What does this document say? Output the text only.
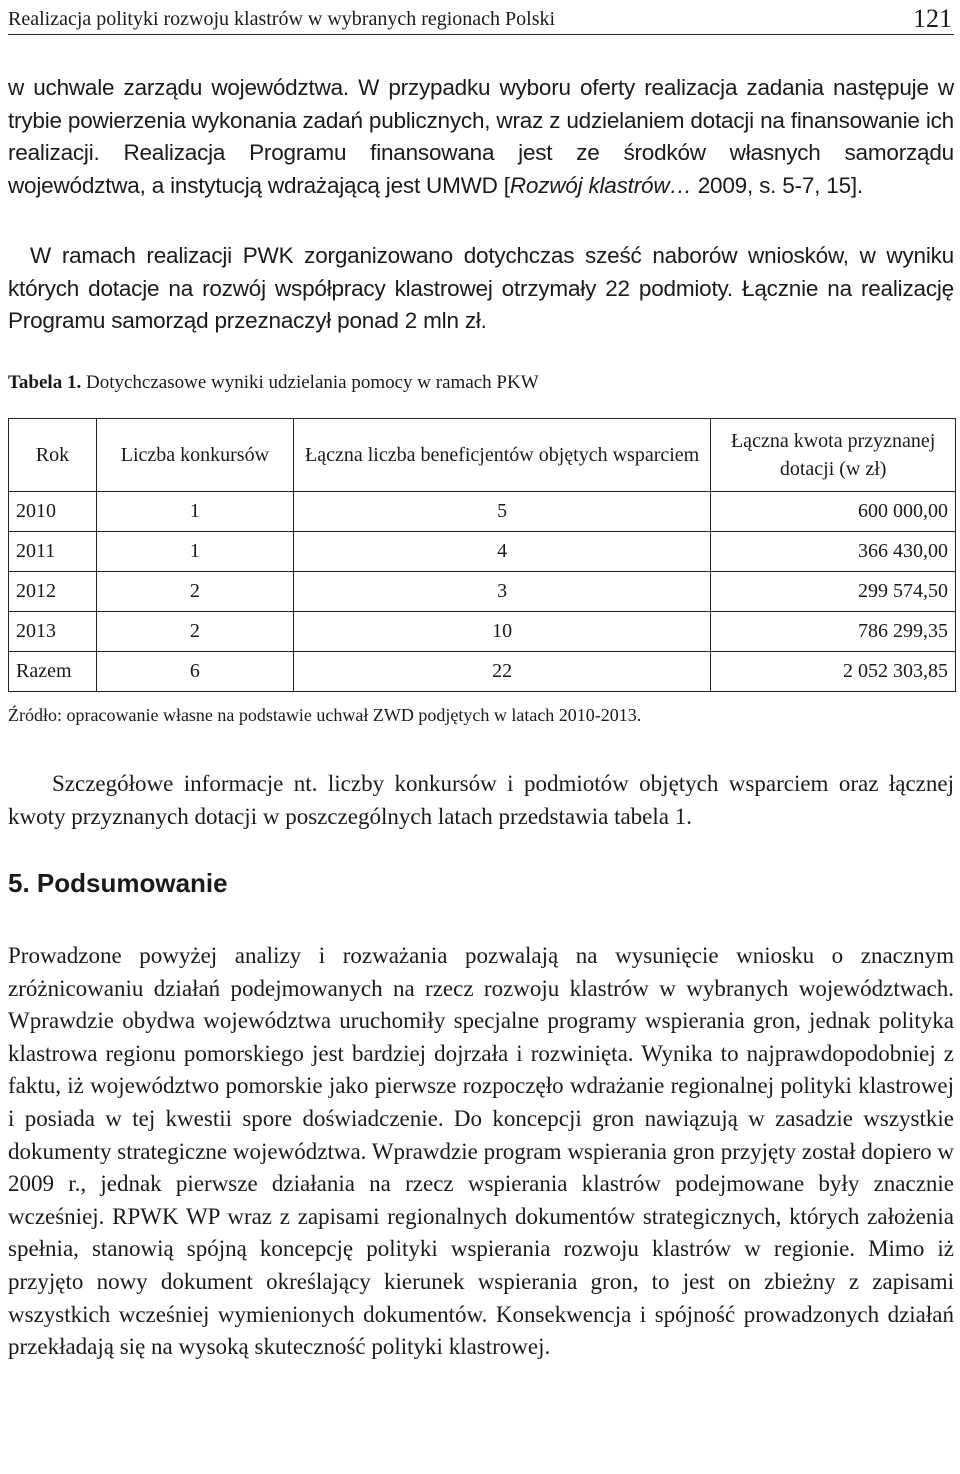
Realizacja polityki rozwoju klastrów w wybranych regionach Polski	121

w uchwale zarządu województwa. W przypadku wyboru oferty realizacja zadania następuje w trybie powierzenia wykonania zadań publicznych, wraz z udzielaniem dotacji na finansowanie ich realizacji. Realizacja Programu finansowana jest ze środków własnych samorządu województwa, a instytucją wdrażającą jest UMWD [Rozwój klastrów… 2009, s. 5-7, 15].

W ramach realizacji PWK zorganizowano dotychczas sześć naborów wniosków, w wyniku których dotacje na rozwój współpracy klastrowej otrzymały 22 podmioty. Łącznie na realizację Programu samorząd przeznaczył ponad 2 mln zł.

Tabela 1. Dotychczasowe wyniki udzielania pomocy w ramach PKW

Rok	Liczba konkursów	Łączna liczba beneficjentów objętych wsparciem	Łączna kwota przyznanej dotacji (w zł)
2010	1	5	600 000,00
2011	1	4	366 430,00
2012	2	3	299 574,50
2013	2	10	786 299,35
Razem	6	22	2 052 303,85

Źródło: opracowanie własne na podstawie uchwał ZWD podjętych w latach 2010-2013.

Szczegółowe informacje nt. liczby konkursów i podmiotów objętych wsparciem oraz łącznej kwoty przyznanych dotacji w poszczególnych latach przedstawia tabela 1.

5. Podsumowanie

Prowadzone powyżej analizy i rozważania pozwalają na wysunięcie wniosku o znacznym zróżnicowaniu działań podejmowanych na rzecz rozwoju klastrów w wybranych województwach. Wprawdzie obydwa województwa uruchomiły specjalne programy wspierania gron, jednak polityka klastrowa regionu pomorskiego jest bardziej dojrzała i rozwinięta. Wynika to najprawdopodobniej z faktu, iż województwo pomorskie jako pierwsze rozpoczęło wdrażanie regionalnej polityki klastrowej i posiada w tej kwestii spore doświadczenie. Do koncepcji gron nawiązują w zasadzie wszystkie dokumenty strategiczne województwa. Wprawdzie program wspierania gron przyjęty został dopiero w 2009 r., jednak pierwsze działania na rzecz wspierania klastrów podejmowane były znacznie wcześniej. RPWK WP wraz z zapisami regionalnych dokumentów strategicznych, których założenia spełnia, stanowią spójną koncepcję polityki wspierania rozwoju klastrów w regionie. Mimo iż przyjęto nowy dokument określający kierunek wspierania gron, to jest on zbieżny z zapisami wszystkich wcześniej wymienionych dokumentów. Konsekwencja i spójność prowadzonych działań przekładają się na wysoką skuteczność polityki klastrowej.
